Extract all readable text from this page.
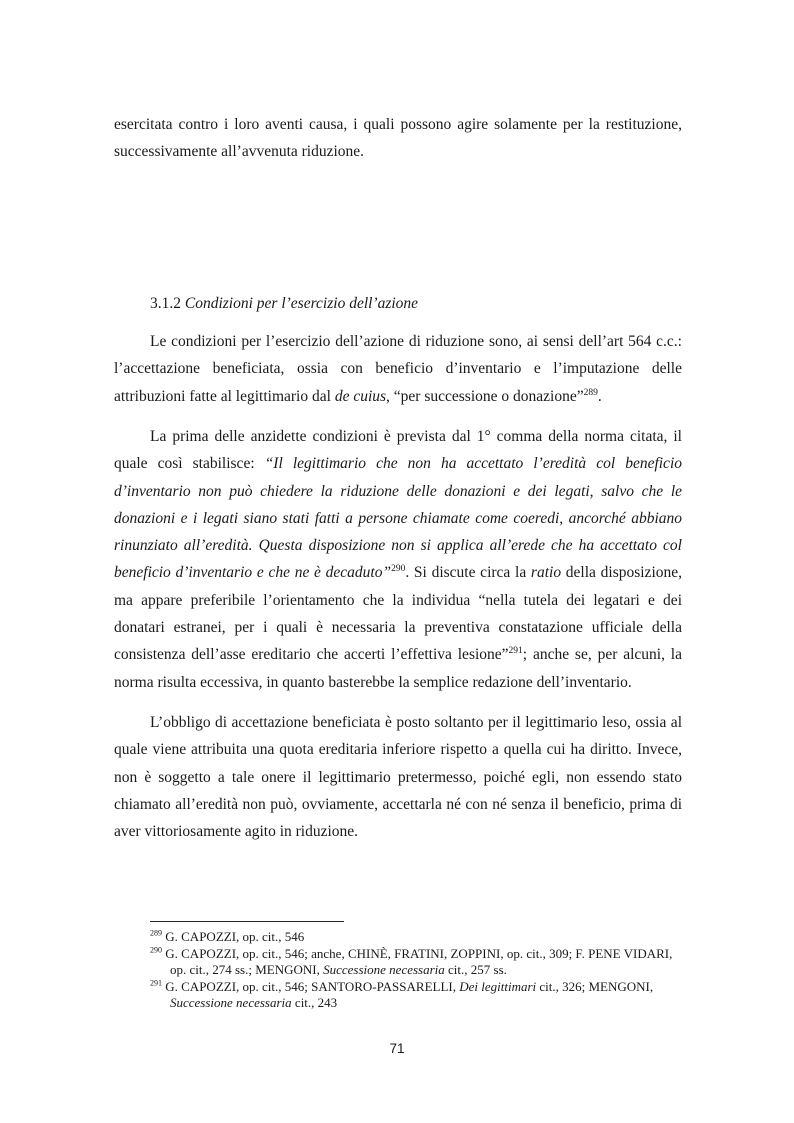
esercitata contro i loro aventi causa, i quali possono agire solamente per la restituzione, successivamente all’avvenuta riduzione.

3.1.2 Condizioni per l’esercizio dell’azione

Le condizioni per l’esercizio dell’azione di riduzione sono, ai sensi dell’art 564 c.c.: l’accettazione beneficiata, ossia con beneficio d’inventario e l’imputazione delle attribuzioni fatte al legittimario dal de cuius, “per successione o donazione”$^{289}$.

La prima delle anzidette condizioni è prevista dal 1° comma della norma citata, il quale così stabilisce: “Il legittimario che non ha accettato l’eredità col beneficio d’inventario non può chiedere la riduzione delle donazioni e dei legati, salvo che le donazioni e i legati siano stati fatti a persone chiamate come coeredi, ancorché abbiano rinunziato all’eredità. Questa disposizione non si applica all’erede che ha accettato col beneficio d’inventario e che ne è decaduto”$^{290}$. Si discute circa la ratio della disposizione, ma appare preferibile l’orientamento che la individua “nella tutela dei legatari e dei donatari estranei, per i quali è necessaria la preventiva constatazione ufficiale della consistenza dell’asse ereditario che accerti l’effettiva lesione”$^{291}$; anche se, per alcuni, la norma risulta eccessiva, in quanto basterebbe la semplice redazione dell’inventario.

L’obbligo di accettazione beneficiata è posto soltanto per il legittimario leso, ossia al quale viene attribuita una quota ereditaria inferiore rispetto a quella cui ha diritto. Invece, non è soggetto a tale onere il legittimario pretermesso, poiché egli, non essendo stato chiamato all’eredità non può, ovviamente, accettarla né con né senza il beneficio, prima di aver vittoriosamente agito in riduzione.

$^{289}$ G. CAPOZZI, op. cit., 546

$^{290}$ G. CAPOZZI, op. cit., 546; anche, CHINÈ, FRATINI, ZOPPINI, op. cit., 309; F. PENE VIDARI, op. cit., 274 ss.; MENGONI, Successione necessaria cit., 257 ss.

$^{291}$ G. CAPOZZI, op. cit., 546; SANTORO-PASSARELLI, Dei legittimari cit., 326; MENGONI, Successione necessaria cit., 243

71
